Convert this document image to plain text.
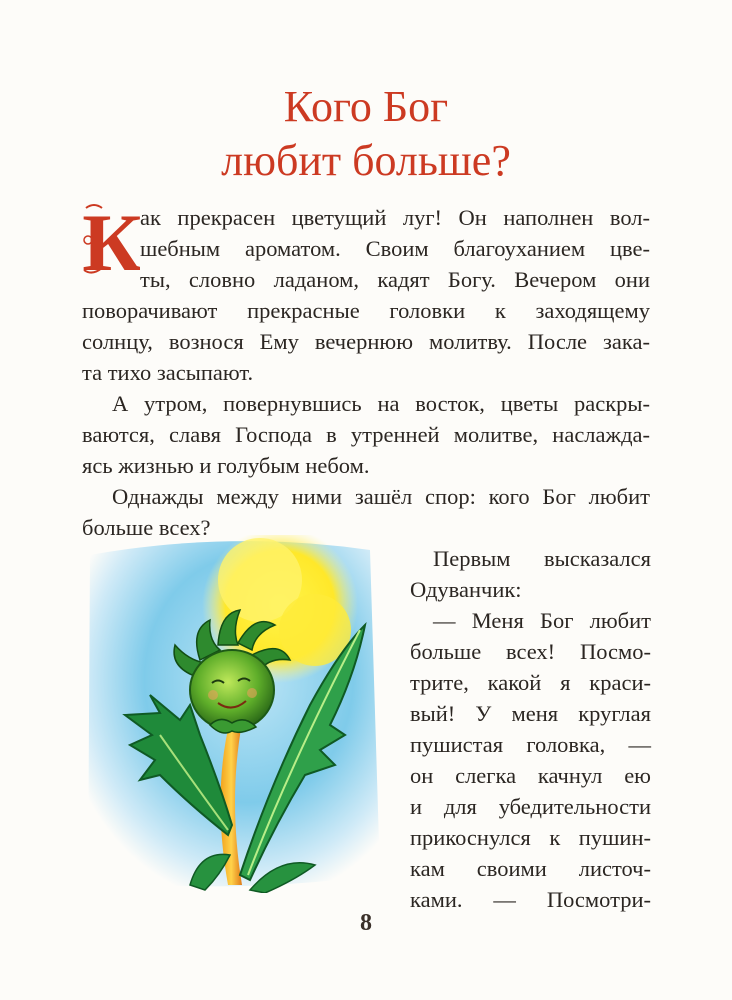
Кого Бог
любит больше?
К
ак прекрасен цветущий луг! Он наполнен вол-
шебным ароматом. Своим благоуханием цве-
ты, словно ладаном, кадят Богу. Вечером они
поворачивают прекрасные головки к заходящему
солнцу, вознося Ему вечернюю молитву. После зака-
та тихо засыпают.
А утром, повернувшись на восток, цветы раскры-
ваются, славя Господа в утренней молитве, наслажда-
ясь жизнью и голубым небом.
Однажды между ними зашёл спор: кого Бог любит
больше всех?
Первым высказался
Одуванчик:
— Меня Бог любит
больше всех! Посмо-
трите, какой я краси-
вый! У меня круглая
пушистая головка, —
он слегка качнул ею
и для убедительности
прикоснулся к пушин-
кам своими листоч-
ками. — Посмотри-
8
